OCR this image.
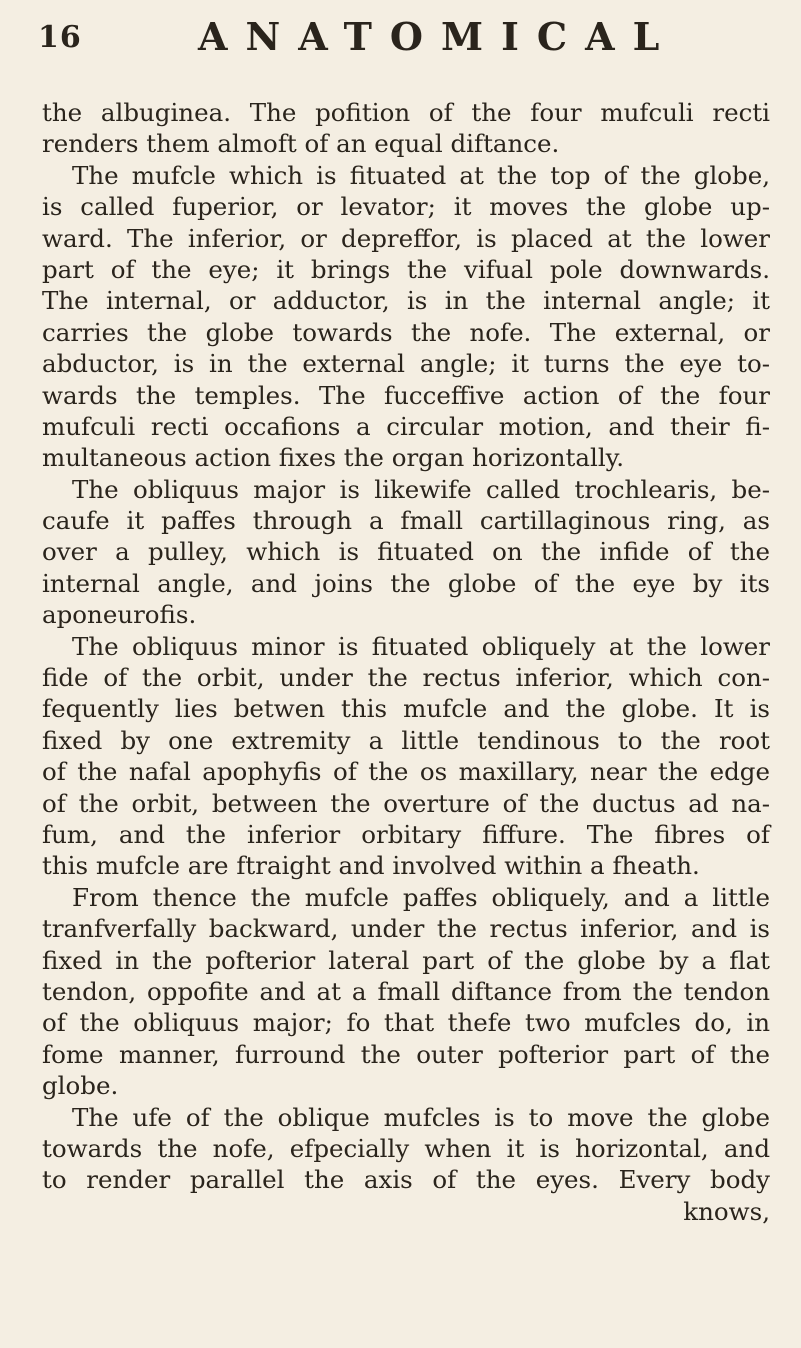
16	ANATOMICAL
the albuginea. The pofition of the four mufculi recti
renders them almoft of an equal diftance.
The mufcle which is fituated at the top of the globe,
is called fuperior, or levator; it moves the globe up-
ward. The inferior, or depreffor, is placed at the lower
part of the eye; it brings the vifual pole downwards.
The internal, or adductor, is in the internal angle; it
carries the globe towards the nofe. The external, or
abductor, is in the external angle; it turns the eye to-
wards the temples. The fucceffive action of the four
mufculi recti occafions a circular motion, and their fi-
multaneous action fixes the organ horizontally.
The obliquus major is likewife called trochlearis, be-
caufe it paffes through a fmall cartillaginous ring, as
over a pulley, which is fituated on the infide of the
internal angle, and joins the globe of the eye by its
aponeurofis.
The obliquus minor is fituated obliquely at the lower
fide of the orbit, under the rectus inferior, which con-
fequently lies betwen this mufcle and the globe. It is
fixed by one extremity a little tendinous to the root
of the nafal apophyfis of the os maxillary, near the edge
of the orbit, between the overture of the ductus ad na-
fum, and the inferior orbitary fiffure. The fibres of
this mufcle are ftraight and involved within a fheath.
From thence the mufcle paffes obliquely, and a little
tranfverfally backward, under the rectus inferior, and is
fixed in the pofterior lateral part of the globe by a flat
tendon, oppofite and at a fmall diftance from the tendon
of the obliquus major; fo that thefe two mufcles do, in
fome manner, furround the outer pofterior part of the
globe.
The ufe of the oblique mufcles is to move the globe
towards the nofe, efpecially when it is horizontal, and
to render parallel the axis of the eyes. Every body
knows,
